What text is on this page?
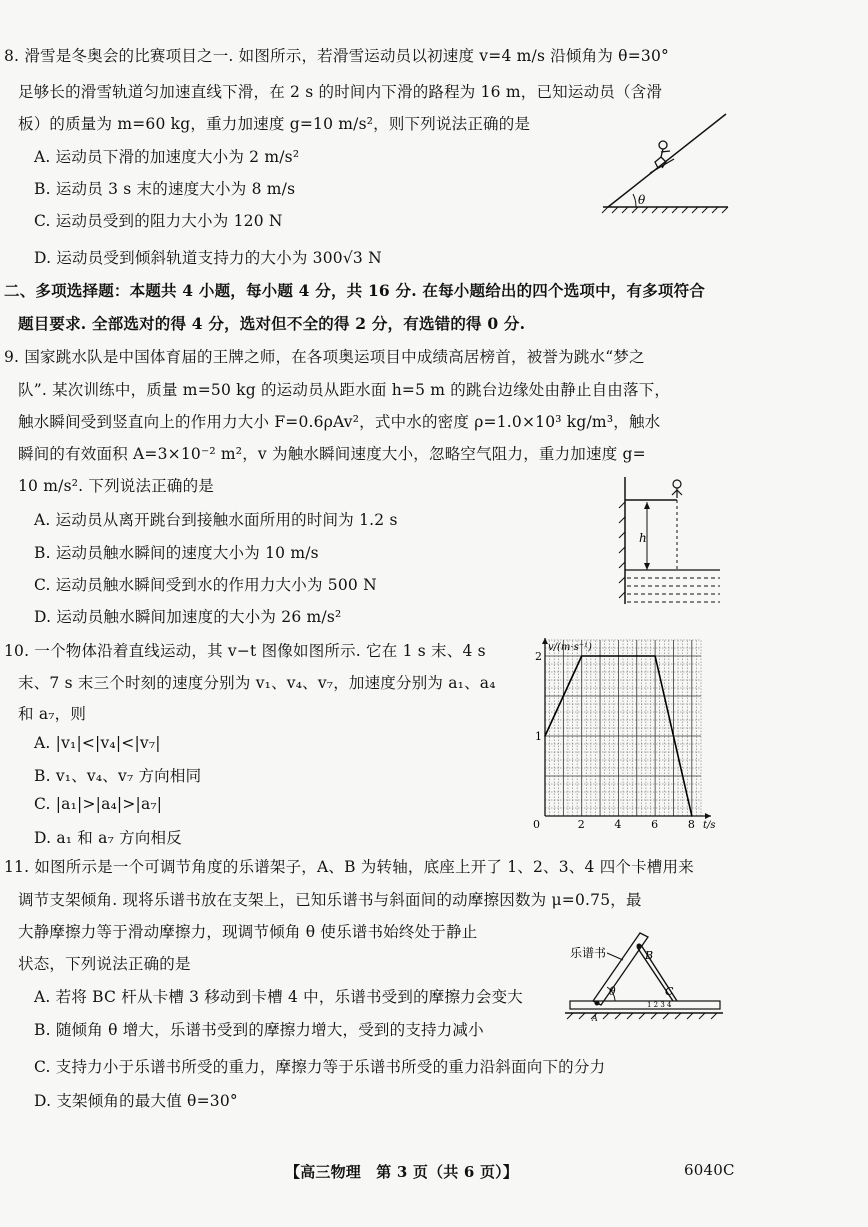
8. 滑雪是冬奥会的比赛项目之一. 如图所示，若滑雪运动员以初速度 v=4 m/s 沿倾角为 θ=30°
足够长的滑雪轨道匀加速直线下滑，在 2 s 的时间内下滑的路程为 16 m，已知运动员（含滑
板）的质量为 m=60 kg，重力加速度 g=10 m/s²，则下列说法正确的是
A. 运动员下滑的加速度大小为 2 m/s²
B. 运动员 3 s 末的速度大小为 8 m/s
C. 运动员受到的阻力大小为 120 N
D. 运动员受到倾斜轨道支持力的大小为 300√3 N
θ
二、多项选择题：本题共 4 小题，每小题 4 分，共 16 分. 在每小题给出的四个选项中，有多项符合
题目要求. 全部选对的得 4 分，选对但不全的得 2 分，有选错的得 0 分.
9. 国家跳水队是中国体育届的王牌之师，在各项奥运项目中成绩高居榜首，被誉为跳水“梦之
队”. 某次训练中，质量 m=50 kg 的运动员从距水面 h=5 m 的跳台边缘处由静止自由落下，
触水瞬间受到竖直向上的作用力大小 F=0.6ρAv²，式中水的密度 ρ=1.0×10³ kg/m³，触水
瞬间的有效面积 A=3×10⁻² m²，v 为触水瞬间速度大小，忽略空气阻力，重力加速度 g=
10 m/s². 下列说法正确的是
A. 运动员从离开跳台到接触水面所用的时间为 1.2 s
B. 运动员触水瞬间的速度大小为 10 m/s
C. 运动员触水瞬间受到水的作用力大小为 500 N
D. 运动员触水瞬间加速度的大小为 26 m/s²
h
10. 一个物体沿着直线运动，其 v−t 图像如图所示. 它在 1 s 末、4 s
末、7 s 末三个时刻的速度分别为 v₁、v₄、v₇，加速度分别为 a₁、a₄
和 a₇，则
A. |v₁|<|v₄|<|v₇|
B. v₁、v₄、v₇ 方向相同
C. |a₁|>|a₄|>|a₇|
D. a₁ 和 a₇ 方向相反
0	2	4	6	8
1
2
v/(m·s⁻¹)
t/s
11. 如图所示是一个可调节角度的乐谱架子，A、B 为转轴，底座上开了 1、2、3、4 四个卡槽用来
调节支架倾角. 现将乐谱书放在支架上，已知乐谱书与斜面间的动摩擦因数为 μ=0.75，最
大静摩擦力等于滑动摩擦力，现调节倾角 θ 使乐谱书始终处于静止
状态，下列说法正确的是
A. 若将 BC 杆从卡槽 3 移动到卡槽 4 中，乐谱书受到的摩擦力会变大
B. 随倾角 θ 增大，乐谱书受到的摩擦力增大，受到的支持力减小
C. 支持力小于乐谱书所受的重力，摩擦力等于乐谱书所受的重力沿斜面向下的分力
D. 支架倾角的最大值 θ=30°
乐谱书
θ
B
C
A
1 2 3 4
【高三物理　第 3 页（共 6 页）】	6040C
